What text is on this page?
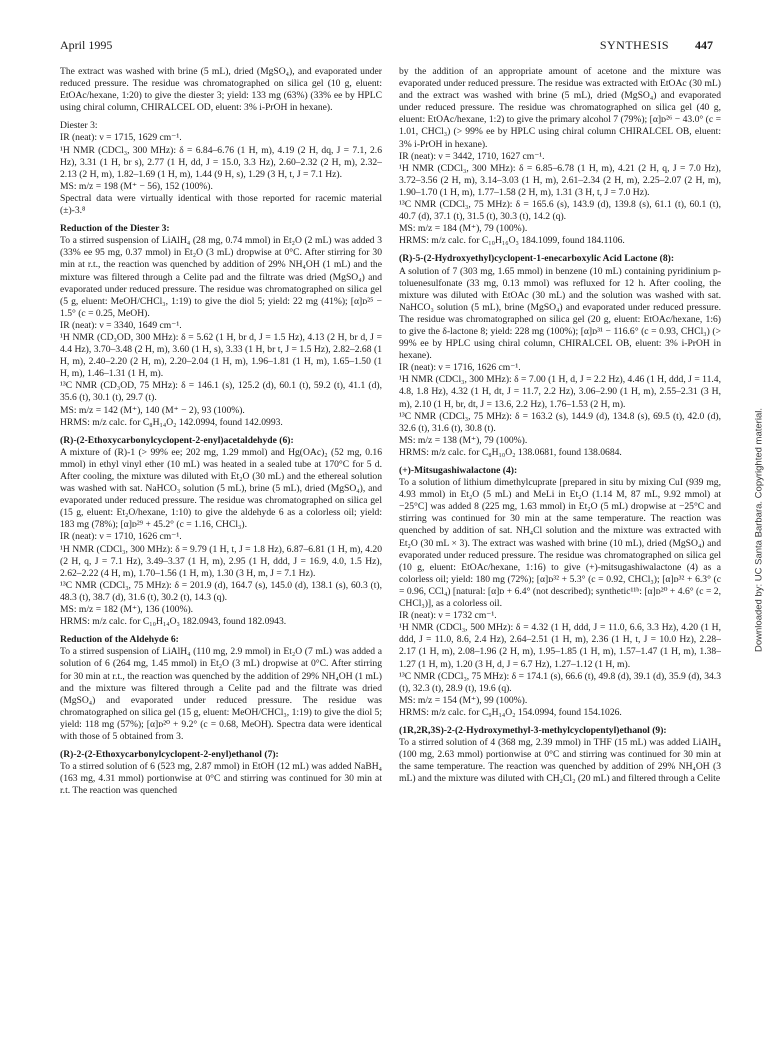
April 1995	SYNTHESIS 447
The extract was washed with brine (5 mL), dried (MgSO₄), and evaporated under reduced pressure. The residue was chromatographed on silica gel (10 g, eluent: EtOAc/hexane, 1:20) to give the diester 3; yield: 133 mg (63%) (33% ee by HPLC using chiral column, CHIRALCEL OD, eluent: 3% i-PrOH in hexane).
Diester 3:
IR (neat): ν = 1715, 1629 cm⁻¹.
¹H NMR (CDCl₃, 300 MHz): δ = 6.84–6.76 (1 H, m), 4.19 (2 H, dq, J = 7.1, 2.6 Hz), 3.31 (1 H, br s), 2.77 (1 H, dd, J = 15.0, 3.3 Hz), 2.60–2.32 (2 H, m), 2.32–2.13 (2 H, m), 1.82–1.69 (1 H, m), 1.44 (9 H, s), 1.29 (3 H, t, J = 7.1 Hz).
MS: m/z = 198 (M⁺ − 56), 152 (100%).
Spectral data were virtually identical with those reported for racemic material (±)-3.⁸
Reduction of the Diester 3:
To a stirred suspension of LiAlH₄ (28 mg, 0.74 mmol) in Et₂O (2 mL) was added 3 (33% ee 95 mg, 0.37 mmol) in Et₂O (3 mL) dropwise at 0°C. After stirring for 30 min at r.t., the reaction was quenched by addition of 29% NH₄OH (1 mL) and the mixture was filtered through a Celite pad and the filtrate was dried (MgSO₄) and evaporated under reduced pressure. The residue was chromatographed on silica gel (5 g, eluent: MeOH/CHCl₃, 1:19) to give the diol 5; yield: 22 mg (41%); [α]ᴅ²⁵ − 1.5° (c = 0.25, MeOH).
IR (neat): ν = 3340, 1649 cm⁻¹.
¹H NMR (CD₃OD, 300 MHz): δ = 5.62 (1 H, br d, J = 1.5 Hz), 4.13 (2 H, br d, J = 4.4 Hz), 3.70–3.48 (2 H, m), 3.60 (1 H, s), 3.33 (1 H, br t, J = 1.5 Hz), 2.82–2.68 (1 H, m), 2.40–2.20 (2 H, m), 2.20–2.04 (1 H, m), 1.96–1.81 (1 H, m), 1.65–1.50 (1 H, m), 1.46–1.31 (1 H, m).
¹³C NMR (CD₃OD, 75 MHz): δ = 146.1 (s), 125.2 (d), 60.1 (t), 59.2 (t), 41.1 (d), 35.6 (t), 30.1 (t), 29.7 (t).
MS: m/z = 142 (M⁺), 140 (M⁺ − 2), 93 (100%).
HRMS: m/z calc. for C₈H₁₄O₂ 142.0994, found 142.0993.
(R)-(2-Ethoxycarbonylcyclopent-2-enyl)acetaldehyde (6):
A mixture of (R)-1 (> 99% ee; 202 mg, 1.29 mmol) and Hg(OAc)₂ (52 mg, 0.16 mmol) in ethyl vinyl ether (10 mL) was heated in a sealed tube at 170°C for 5 d. After cooling, the mixture was diluted with Et₂O (30 mL) and the ethereal solution was washed with sat. NaHCO₃ solution (5 mL), brine (5 mL), dried (MgSO₄), and evaporated under reduced pressure. The residue was chromatographed on silica gel (15 g, eluent: Et₂O/hexane, 1:10) to give the aldehyde 6 as a colorless oil; yield: 183 mg (78%); [α]ᴅ²⁹ + 45.2° (c = 1.16, CHCl₃).
IR (neat): ν = 1710, 1626 cm⁻¹.
¹H NMR (CDCl₃, 300 MHz): δ = 9.79 (1 H, t, J = 1.8 Hz), 6.87–6.81 (1 H, m), 4.20 (2 H, q, J = 7.1 Hz), 3.49–3.37 (1 H, m), 2.95 (1 H, ddd, J = 16.9, 4.0, 1.5 Hz), 2.62–2.22 (4 H, m), 1.70–1.56 (1 H, m), 1.30 (3 H, m, J = 7.1 Hz).
¹³C NMR (CDCl₃, 75 MHz): δ = 201.9 (d), 164.7 (s), 145.0 (d), 138.1 (s), 60.3 (t), 48.3 (t), 38.7 (d), 31.6 (t), 30.2 (t), 14.3 (q).
MS: m/z = 182 (M⁺), 136 (100%).
HRMS: m/z calc. for C₁₀H₁₄O₃ 182.0943, found 182.0943.
Reduction of the Aldehyde 6:
To a stirred suspension of LiAlH₄ (110 mg, 2.9 mmol) in Et₂O (7 mL) was added a solution of 6 (264 mg, 1.45 mmol) in Et₂O (3 mL) dropwise at 0°C. After stirring for 30 min at r.t., the reaction was quenched by the addition of 29% NH₄OH (1 mL) and the mixture was filtered through a Celite pad and the filtrate was dried (MgSO₄) and evaporated under reduced pressure. The residue was chromatographed on silica gel (15 g, eluent: MeOH/CHCl₃, 1:19) to give the diol 5; yield: 118 mg (57%); [α]ᴅ²⁰ + 9.2° (c = 0.68, MeOH). Spectra data were identical with those of 5 obtained from 3.
(R)-2-(2-Ethoxycarbonylcyclopent-2-enyl)ethanol (7):
To a stirred solution of 6 (523 mg, 2.87 mmol) in EtOH (12 mL) was added NaBH₄ (163 mg, 4.31 mmol) portionwise at 0°C and stirring was continued for 30 min at r.t. The reaction was quenched
by the addition of an appropriate amount of acetone and the mixture was evaporated under reduced pressure. The residue was extracted with EtOAc (30 mL) and the extract was washed with brine (5 mL), dried (MgSO₄) and evaporated under reduced pressure. The residue was chromatographed on silica gel (40 g, eluent: EtOAc/hexane, 1:2) to give the primary alcohol 7 (79%); [α]ᴅ²⁶ − 43.0° (c = 1.01, CHCl₃) (> 99% ee by HPLC using chiral column CHIRALCEL OB, eluent: 3% i-PrOH in hexane).
IR (neat): ν = 3442, 1710, 1627 cm⁻¹.
¹H NMR (CDCl₃, 300 MHz): δ = 6.85–6.78 (1 H, m), 4.21 (2 H, q, J = 7.0 Hz), 3.72–3.56 (2 H, m), 3.14–3.03 (1 H, m), 2.61–2.34 (2 H, m), 2.25–2.07 (2 H, m), 1.90–1.70 (1 H, m), 1.77–1.58 (2 H, m), 1.31 (3 H, t, J = 7.0 Hz).
¹³C NMR (CDCl₃, 75 MHz): δ = 165.6 (s), 143.9 (d), 139.8 (s), 61.1 (t), 60.1 (t), 40.7 (d), 37.1 (t), 31.5 (t), 30.3 (t), 14.2 (q).
MS: m/z = 184 (M⁺), 79 (100%).
HRMS: m/z calc. for C₁₀H₁₆O₃ 184.1099, found 184.1106.
(R)-5-(2-Hydroxyethyl)cyclopent-1-enecarboxylic Acid Lactone (8):
A solution of 7 (303 mg, 1.65 mmol) in benzene (10 mL) containing pyridinium p-toluenesulfonate (33 mg, 0.13 mmol) was refluxed for 12 h. After cooling, the mixture was diluted with EtOAc (30 mL) and the solution was washed with sat. NaHCO₃ solution (5 mL), brine (MgSO₄) and evaporated under reduced pressure. The residue was chromatographed on silica gel (20 g, eluent: EtOAc/hexane, 1:6) to give the δ-lactone 8; yield: 228 mg (100%); [α]ᴅ³¹ − 116.6° (c = 0.93, CHCl₃) (> 99% ee by HPLC using chiral column, CHIRALCEL OB, eluent: 3% i-PrOH in hexane).
IR (neat): ν = 1716, 1626 cm⁻¹.
¹H NMR (CDCl₃, 300 MHz): δ = 7.00 (1 H, d, J = 2.2 Hz), 4.46 (1 H, ddd, J = 11.4, 4.8, 1.8 Hz), 4.32 (1 H, dt, J = 11.7, 2.2 Hz), 3.06–2.90 (1 H, m), 2.55–2.31 (3 H, m), 2.10 (1 H, br, dt, J = 13.6, 2.2 Hz), 1.76–1.53 (2 H, m).
¹³C NMR (CDCl₃, 75 MHz): δ = 163.2 (s), 144.9 (d), 134.8 (s), 69.5 (t), 42.0 (d), 32.6 (t), 31.6 (t), 30.8 (t).
MS: m/z = 138 (M⁺), 79 (100%).
HRMS: m/z calc. for C₈H₁₀O₂ 138.0681, found 138.0684.
(+)-Mitsugashiwalactone (4):
To a solution of lithium dimethylcuprate [prepared in situ by mixing CuI (939 mg, 4.93 mmol) in Et₂O (5 mL) and MeLi in Et₂O (1.14 M, 87 mL, 9.92 mmol) at −25°C] was added 8 (225 mg, 1.63 mmol) in Et₂O (5 mL) dropwise at −25°C and stirring was continued for 30 min at the same temperature. The reaction was quenched by addition of sat. NH₄Cl solution and the mixture was extracted with Et₂O (30 mL × 3). The extract was washed with brine (10 mL), dried (MgSO₄) and evaporated under reduced pressure. The residue was chromatographed on silica gel (10 g, eluent: EtOAc/hexane, 1:16) to give (+)-mitsugashiwalactone (4) as a colorless oil; yield: 180 mg (72%); [α]ᴅ³² + 5.3° (c = 0.92, CHCl₃); [α]ᴅ³² + 6.3° (c = 0.96, CCl₄) [natural: [α]ᴅ + 6.4° (not described); synthetic¹¹ᵇ: [α]ᴅ²⁰ + 4.6° (c = 2, CHCl₃)], as a colorless oil.
IR (neat): ν = 1732 cm⁻¹.
¹H NMR (CDCl₃, 500 MHz): δ = 4.32 (1 H, ddd, J = 11.0, 6.6, 3.3 Hz), 4.20 (1 H, ddd, J = 11.0, 8.6, 2.4 Hz), 2.64–2.51 (1 H, m), 2.36 (1 H, t, J = 10.0 Hz), 2.28–2.17 (1 H, m), 2.08–1.96 (2 H, m), 1.95–1.85 (1 H, m), 1.57–1.47 (1 H, m), 1.38–1.27 (1 H, m), 1.20 (3 H, d, J = 6.7 Hz), 1.27–1.12 (1 H, m).
¹³C NMR (CDCl₃, 75 MHz): δ = 174.1 (s), 66.6 (t), 49.8 (d), 39.1 (d), 35.9 (d), 34.3 (t), 32.3 (t), 28.9 (t), 19.6 (q).
MS: m/z = 154 (M⁺), 99 (100%).
HRMS: m/z calc. for C₉H₁₄O₂ 154.0994, found 154.1026.
(1R,2R,3S)-2-(2-Hydroxymethyl-3-methylcyclopentyl)ethanol (9):
To a stirred solution of 4 (368 mg, 2.39 mmol) in THF (15 mL) was added LiAlH₄ (100 mg, 2.63 mmol) portionwise at 0°C and stirring was continued for 30 min at the same temperature. The reaction was quenched by addition of 29% NH₄OH (3 mL) and the mixture was diluted with CH₂Cl₂ (20 mL) and filtered through a Celite
Downloaded by: UC Santa Barbara. Copyrighted material.
